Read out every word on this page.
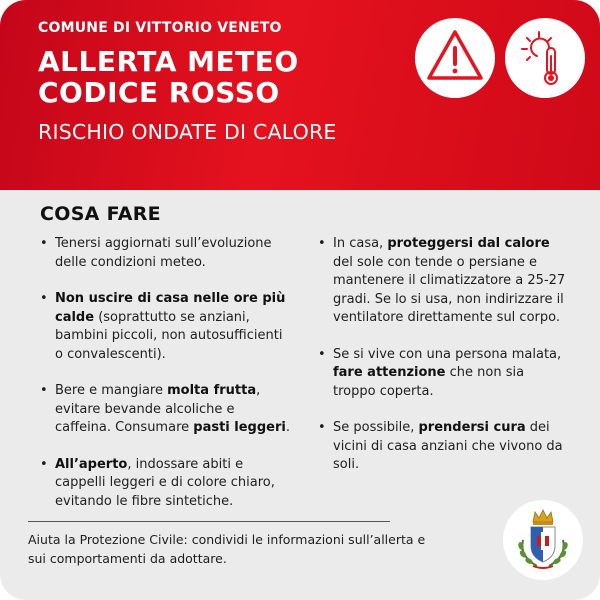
COMUNE DI VITTORIO VENETO
ALLERTA METEO
CODICE ROSSO
RISCHIO ONDATE DI CALORE
COSA FARE
• Tenersi aggiornati sull’evoluzione delle condizioni meteo.
• Non uscire di casa nelle ore più calde (soprattutto se anziani, bambini piccoli, non autosufficienti o convalescenti).
• Bere e mangiare molta frutta, evitare bevande alcoliche e caffeina. Consumare pasti leggeri.
• All’aperto, indossare abiti e cappelli leggeri e di colore chiaro, evitando le fibre sintetiche.
• In casa, proteggersi dal calore del sole con tende o persiane e mantenere il climatizzatore a 25-27 gradi. Se lo si usa, non indirizzare il ventilatore direttamente sul corpo.
• Se si vive con una persona malata, fare attenzione che non sia troppo coperta.
• Se possibile, prendersi cura dei vicini di casa anziani che vivono da soli.
Aiuta la Protezione Civile: condividi le informazioni sull’allerta e sui comportamenti da adottare.
